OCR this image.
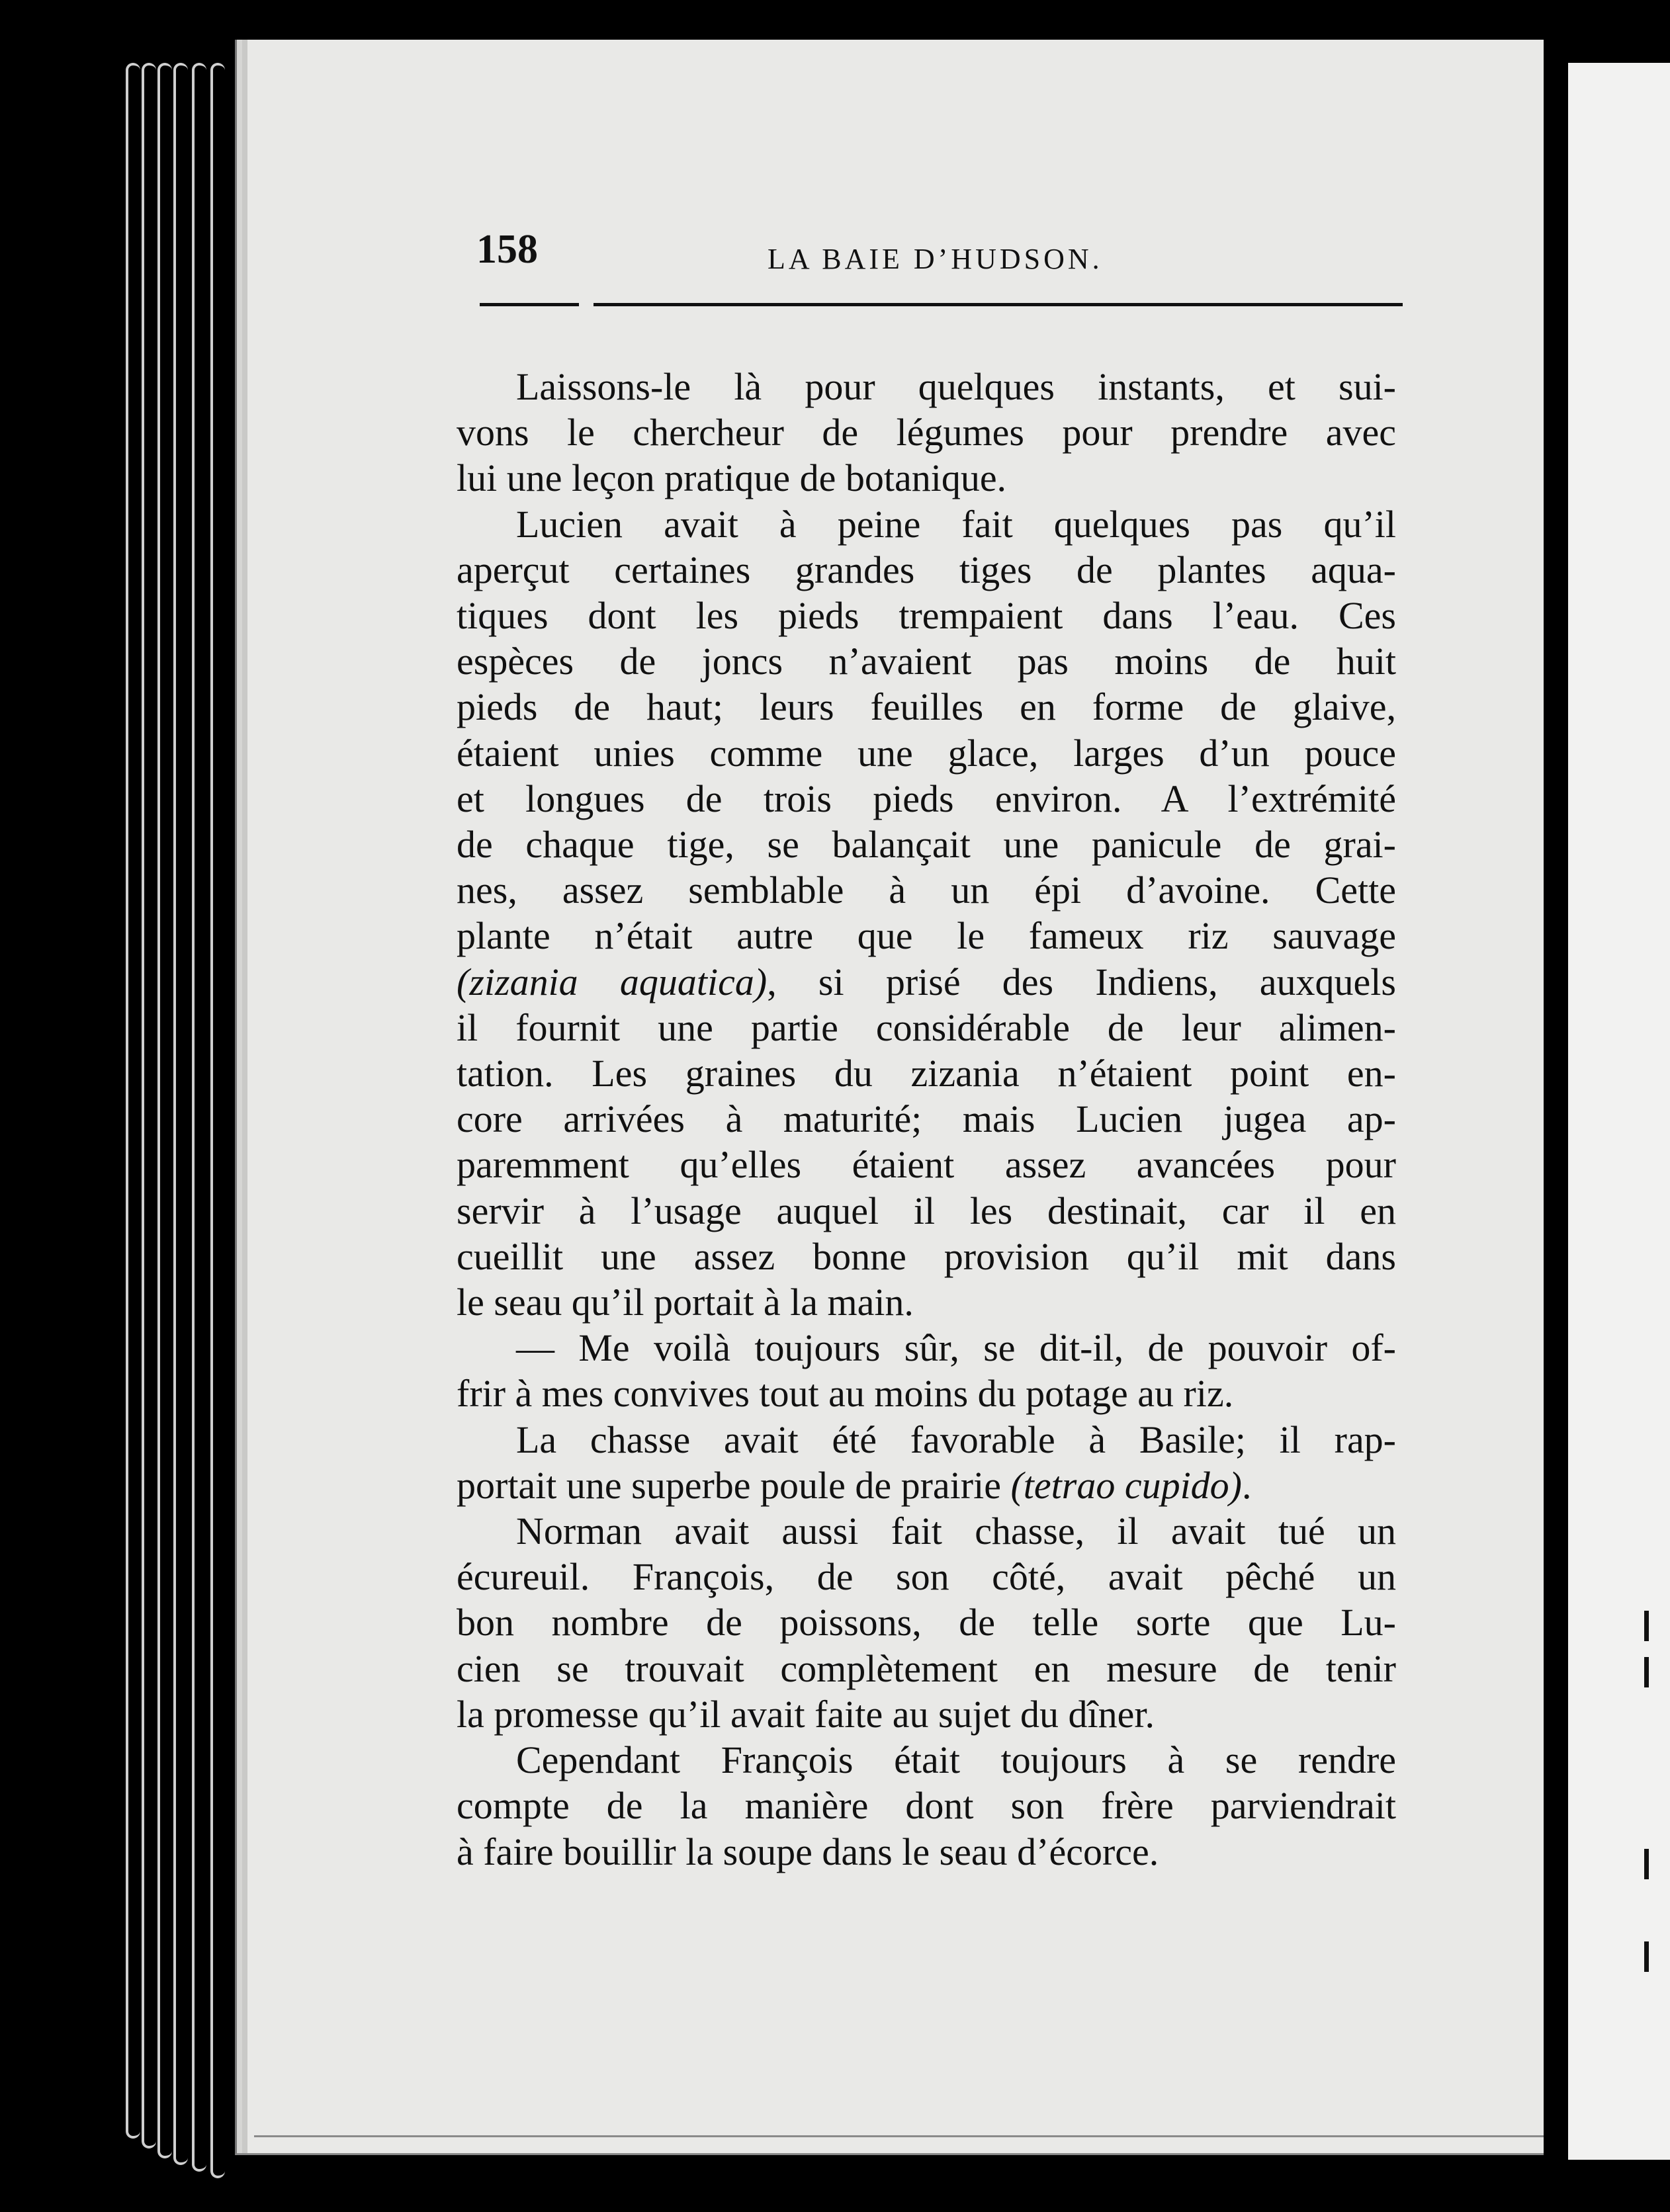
158	LA BAIE D’HUDSON.

Laissons-le là pour quelques instants, et sui-
vons le chercheur de légumes pour prendre avec
lui une leçon pratique de botanique.

Lucien avait à peine fait quelques pas qu’il
aperçut certaines grandes tiges de plantes aqua-
tiques dont les pieds trempaient dans l’eau. Ces
espèces de joncs n’avaient pas moins de huit
pieds de haut; leurs feuilles en forme de glaive,
étaient unies comme une glace, larges d’un pouce
et longues de trois pieds environ. A l’extrémité
de chaque tige, se balançait une panicule de grai-
nes, assez semblable à un épi d’avoine. Cette
plante n’était autre que le fameux riz sauvage
(zizania aquatica), si prisé des Indiens, auxquels
il fournit une partie considérable de leur alimen-
tation. Les graines du zizania n’étaient point en-
core arrivées à maturité; mais Lucien jugea ap-
paremment qu’elles étaient assez avancées pour
servir à l’usage auquel il les destinait, car il en
cueillit une assez bonne provision qu’il mit dans
le seau qu’il portait à la main.

— Me voilà toujours sûr, se dit-il, de pouvoir of-
frir à mes convives tout au moins du potage au riz.

La chasse avait été favorable à Basile; il rap-
portait une superbe poule de prairie (tetrao cupido).

Norman avait aussi fait chasse, il avait tué un
écureuil. François, de son côté, avait pêché un
bon nombre de poissons, de telle sorte que Lu-
cien se trouvait complètement en mesure de tenir
la promesse qu’il avait faite au sujet du dîner.

Cependant François était toujours à se rendre
compte de la manière dont son frère parviendrait
à faire bouillir la soupe dans le seau d’écorce.
